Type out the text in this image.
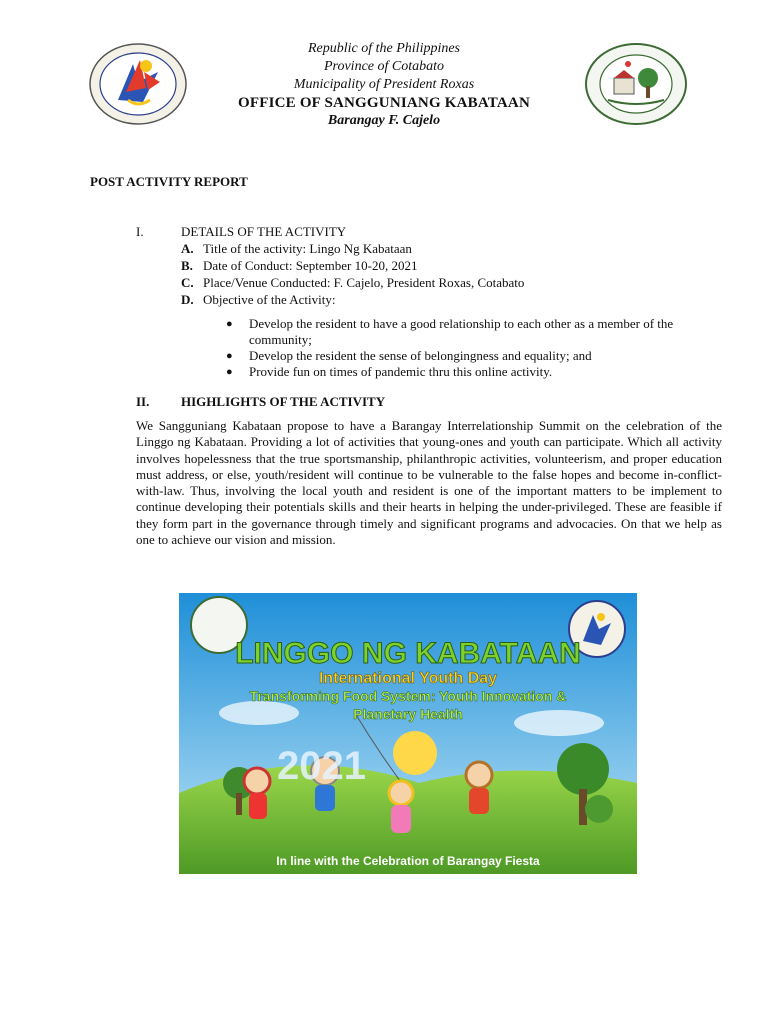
Republic of the Philippines
Province of Cotabato
Municipality of President Roxas
OFFICE OF SANGGUNIANG KABATAAN
Barangay F. Cajelo
POST ACTIVITY REPORT
I.	DETAILS OF THE ACTIVITY
A. Title of the activity: Lingo Ng Kabataan
B. Date of Conduct: September 10-20, 2021
C. Place/Venue Conducted: F. Cajelo, President Roxas, Cotabato
D. Objective of the Activity:
●	Develop the resident to have a good relationship to each other as a member of the community;
●	Develop the resident the sense of belongingness and equality; and
●	Provide fun on times of pandemic thru this online activity.
II.	HIGHLIGHTS OF THE ACTIVITY
We Sangguniang Kabataan propose to have a Barangay Interrelationship Summit on the celebration of the Linggo ng Kabataan. Providing a lot of activities that young-ones and youth can participate. Which all activity involves hopelessness that the true sportsmanship, philanthropic activities, volunteerism, and proper education must address, or else, youth/resident will continue to be vulnerable to the false hopes and become in-conflict-with-law. Thus, involving the local youth and resident is one of the important matters to be implement to continue developing their potentials skills and their hearts in helping the under-privileged. These are feasible if they form part in the governance through timely and significant programs and advocacies. On that we help as one to achieve our vision and mission.
2021
LINGGO NG KABATAAN
International Youth Day
Transforming Food System: Youth Innovation &
Planetary Health
In line with the Celebration of Barangay Fiesta
